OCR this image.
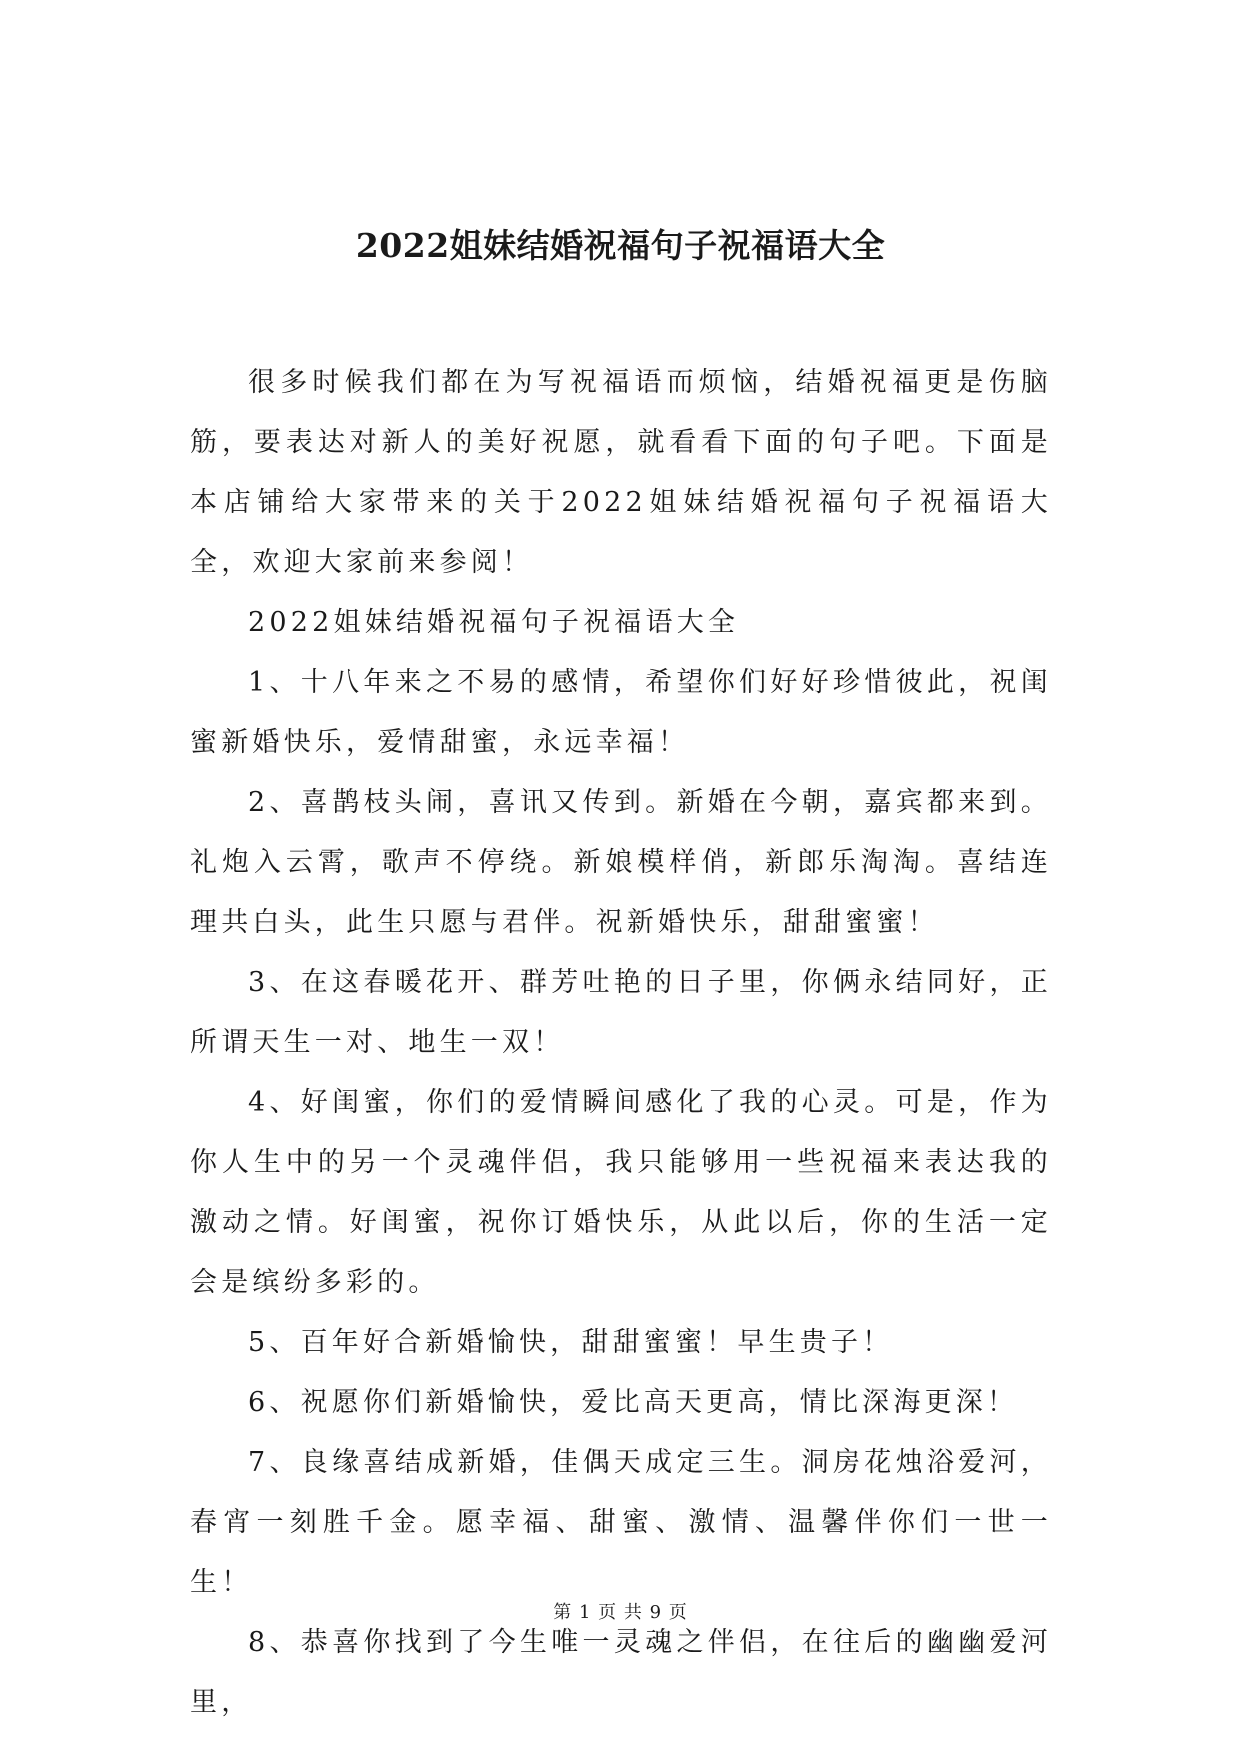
2022姐妹结婚祝福句子祝福语大全

很多时候我们都在为写祝福语而烦恼，结婚祝福更是伤脑筋，要表达对新人的美好祝愿，就看看下面的句子吧。下面是本店铺给大家带来的关于2022姐妹结婚祝福句子祝福语大全，欢迎大家前来参阅！

2022姐妹结婚祝福句子祝福语大全

1、十八年来之不易的感情，希望你们好好珍惜彼此，祝闺蜜新婚快乐，爱情甜蜜，永远幸福！

2、喜鹊枝头闹，喜讯又传到。新婚在今朝，嘉宾都来到。礼炮入云霄，歌声不停绕。新娘模样俏，新郎乐淘淘。喜结连理共白头，此生只愿与君伴。祝新婚快乐，甜甜蜜蜜！

3、在这春暖花开、群芳吐艳的日子里，你俩永结同好，正所谓天生一对、地生一双！

4、好闺蜜，你们的爱情瞬间感化了我的心灵。可是，作为你人生中的另一个灵魂伴侣，我只能够用一些祝福来表达我的激动之情。好闺蜜，祝你订婚快乐，从此以后，你的生活一定会是缤纷多彩的。

5、百年好合新婚愉快，甜甜蜜蜜！早生贵子！

6、祝愿你们新婚愉快，爱比高天更高，情比深海更深！

7、良缘喜结成新婚，佳偶天成定三生。洞房花烛浴爱河，春宵一刻胜千金。愿幸福、甜蜜、激情、温馨伴你们一世一生！

8、恭喜你找到了今生唯一灵魂之伴侣，在往后的幽幽爱河里，

第 1 页 共 9 页
